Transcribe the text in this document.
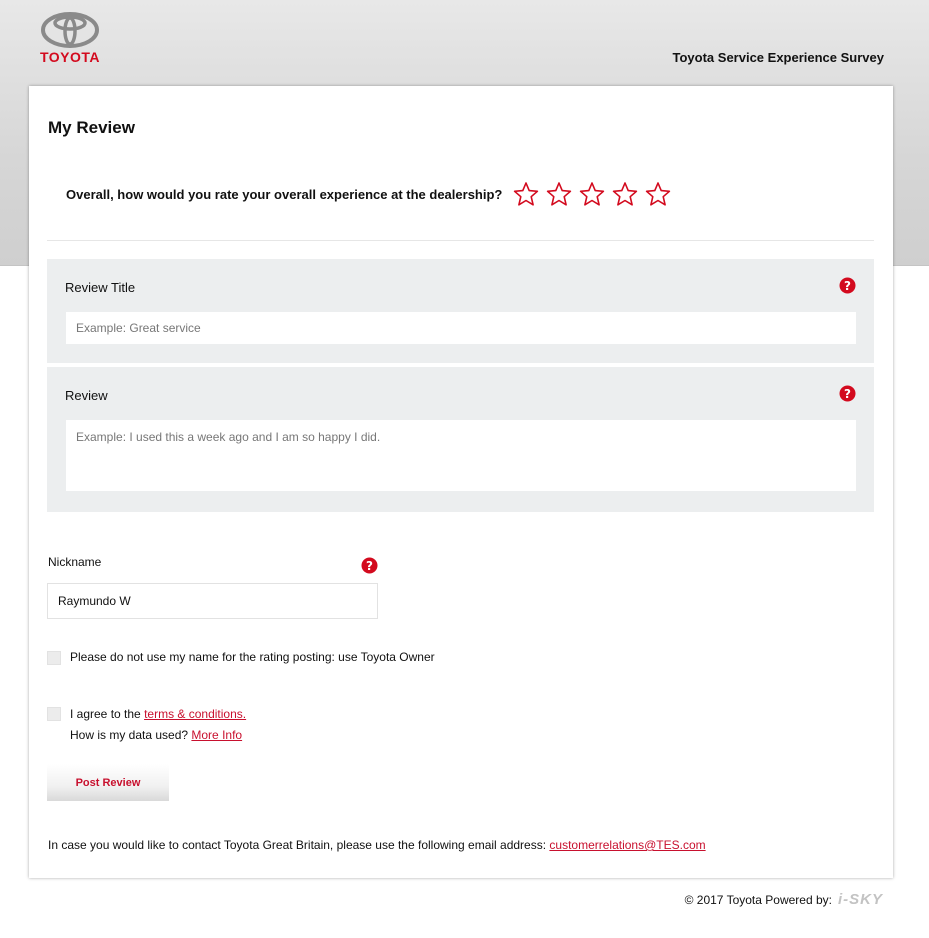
TOYOTA	Toyota Service Experience Survey
My Review
Overall, how would you rate your overall experience at the dealership?
Review Title	?
Example: Great service
Review	?
Example: I used this a week ago and I am so happy I did.
Nickname	?
Raymundo W
Please do not use my name for the rating posting: use Toyota Owner
I agree to the terms & conditions.
How is my data used? More Info
Post Review
In case you would like to contact Toyota Great Britain, please use the following email address: customerrelations@TES.com
© 2017 Toyota Powered by: i-SKY
